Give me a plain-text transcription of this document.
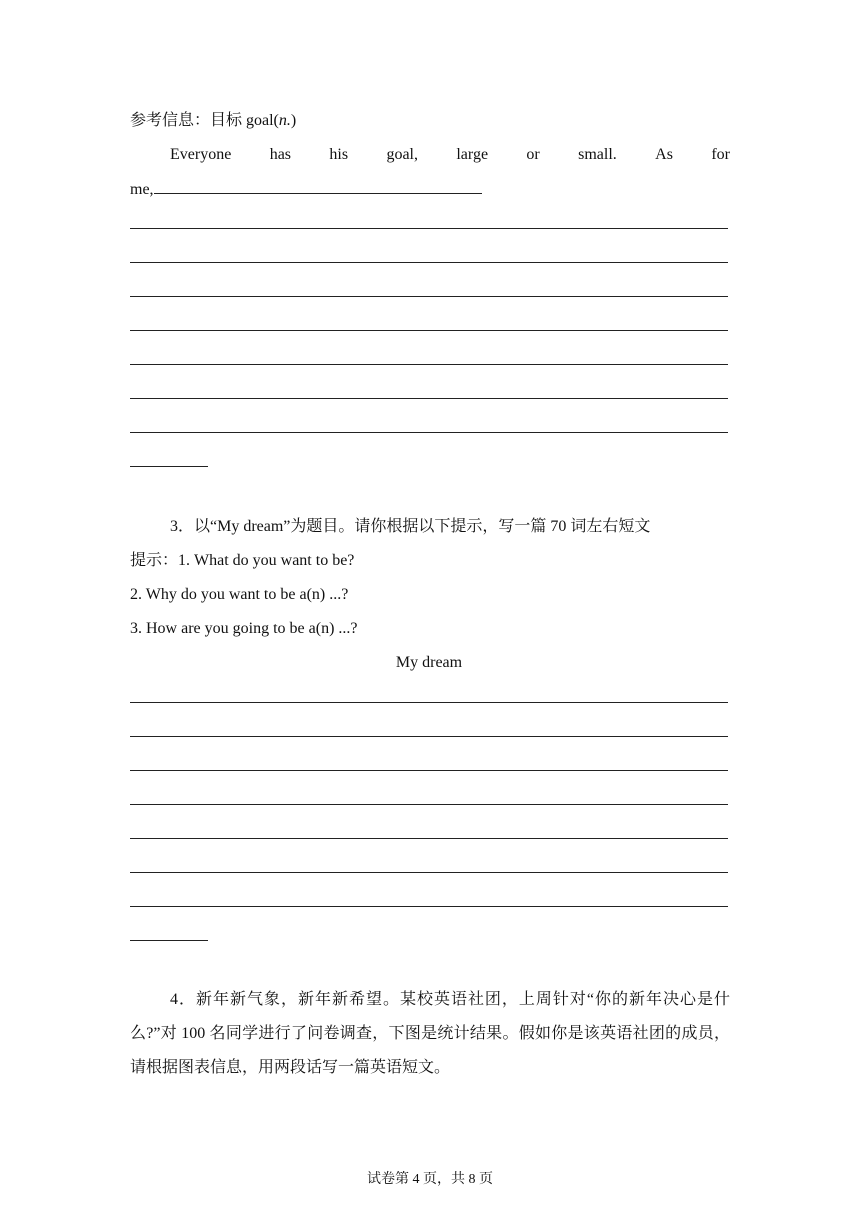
参考信息：目标 goal(n.)
Everyone has his goal, large or small. As for
me,
3．以“My dream”为题目。请你根据以下提示，写一篇 70 词左右短文
提示：1. What do you want to be?
2. Why do you want to be a(n) ...?
3. How are you going to be a(n) ...?
My dream
4．新年新气象，新年新希望。某校英语社团，上周针对“你的新年决心是什么?”对 100 名同学进行了问卷调查，下图是统计结果。假如你是该英语社团的成员，请根据图表信息，用两段话写一篇英语短文。
试卷第 4 页，共 8 页
